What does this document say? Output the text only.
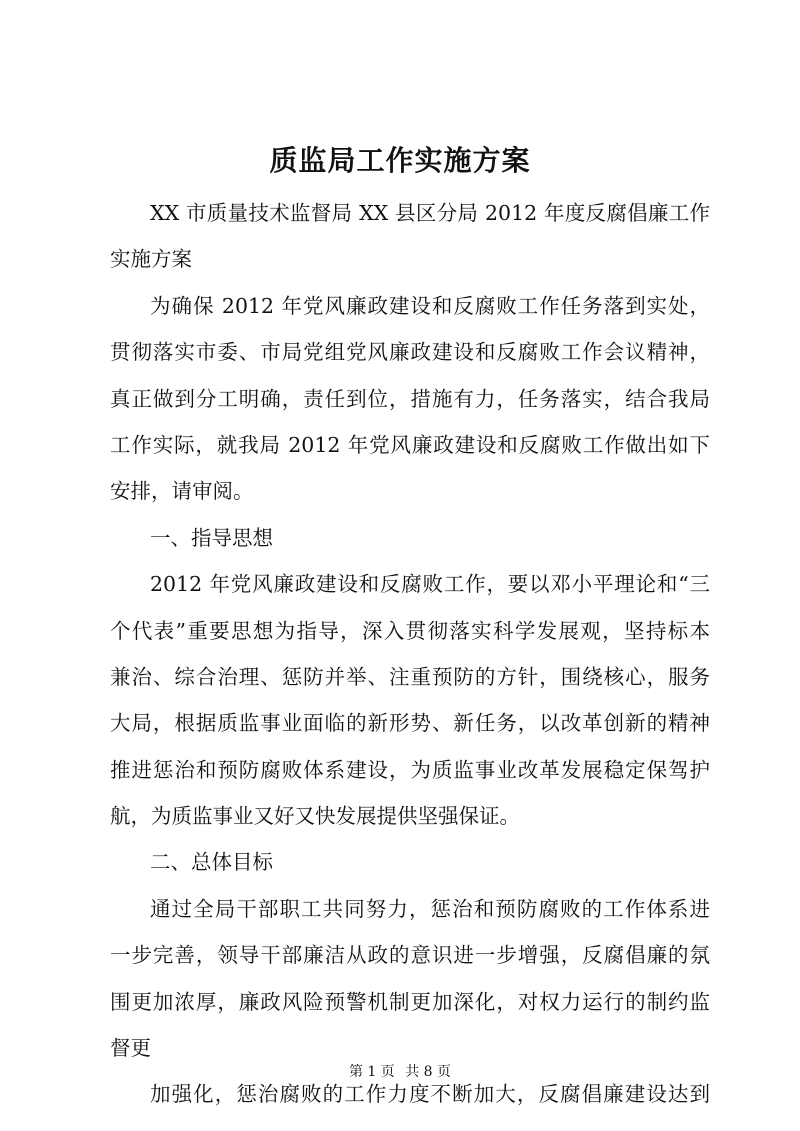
质监局工作实施方案
XX 市质量技术监督局 XX 县区分局 2012 年度反腐倡廉工作
实施方案
为确保 2012 年党风廉政建设和反腐败工作任务落到实处，
贯彻落实市委、市局党组党风廉政建设和反腐败工作会议精神，
真正做到分工明确，责任到位，措施有力，任务落实，结合我局
工作实际，就我局 2012 年党风廉政建设和反腐败工作做出如下
安排，请审阅。
一、指导思想
2012 年党风廉政建设和反腐败工作，要以邓小平理论和“三
个代表”重要思想为指导，深入贯彻落实科学发展观，坚持标本
兼治、综合治理、惩防并举、注重预防的方针，围绕核心，服务
大局，根据质监事业面临的新形势、新任务，以改革创新的精神
推进惩治和预防腐败体系建设，为质监事业改革发展稳定保驾护
航，为质监事业又好又快发展提供坚强保证。
二、总体目标
通过全局干部职工共同努力，惩治和预防腐败的工作体系进
一步完善，领导干部廉洁从政的意识进一步增强，反腐倡廉的氛
围更加浓厚，廉政风险预警机制更加深化，对权力运行的制约监
督更
加强化，惩治腐败的工作力度不断加大，反腐倡廉建设达到
第 1 页 共 8 页
